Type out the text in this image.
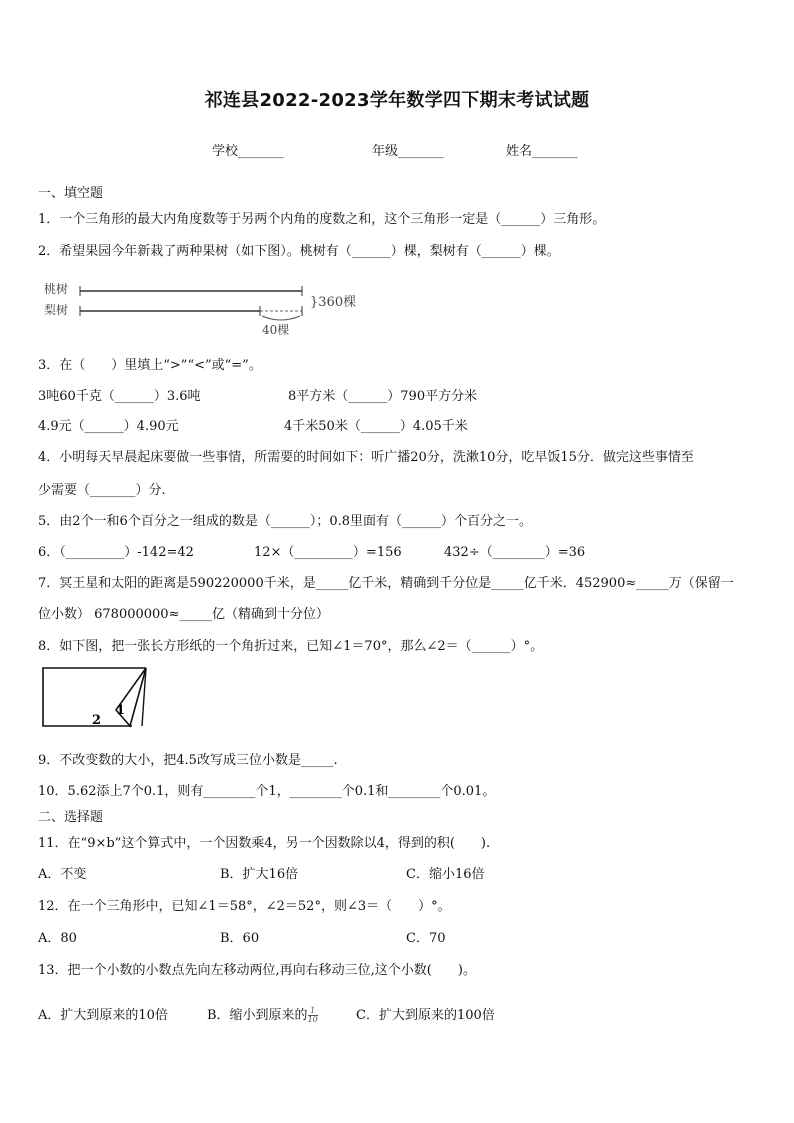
祁连县2022-2023学年数学四下期末考试试题
学校_______	年级_______	姓名_______
一、填空题
1．一个三角形的最大内角度数等于另两个内角的度数之和，这个三角形一定是（______）三角形。
2．希望果园今年新栽了两种果树（如下图）。桃树有（______）棵，梨树有（______）棵。
桃树
梨树	}360棵
40棵
3．在（　　）里填上“>”“<”或“=”。
3吨60千克（______）3.6吨	8平方米（______）790平方分米
4.9元（______）4.90元	4千米50米（______）4.05千米
4．小明每天早晨起床要做一些事情，所需要的时间如下：听广播20分，洗漱10分，吃早饭15分．做完这些事情至
少需要（_______）分.
5．由2个一和6个百分之一组成的数是（______）；0.8里面有（______）个百分之一。
6．（_________）-142=42	12×（_________）=156	432÷（________）=36
7．冥王星和太阳的距离是590220000千米，是_____亿千米，精确到千分位是_____亿千米．452900≈_____万（保留一
位小数） 678000000≈_____亿（精确到十分位）
8．如下图，把一张长方形纸的一个角折过来，已知∠1＝70°，那么∠2＝（______）°。
1
2
9．不改变数的大小，把4.5改写成三位小数是_____.
10．5.62添上7个0.1，则有________个1，________个0.1和________个0.01。
二、选择题
11．在“9×b”这个算式中，一个因数乘4，另一个因数除以4，得到的积(　　).
A．不变	B．扩大16倍	C．缩小16倍
12．在一个三角形中，已知∠1＝58°，∠2＝52°，则∠3＝（　　）°。
A．80	B．60	C．70
13．把一个小数的小数点先向左移动两位,再向右移动三位,这个小数(　　)。
A．扩大到原来的10倍	B．缩小到原来的 $\frac{1}{10}$	C．扩大到原来的100倍
